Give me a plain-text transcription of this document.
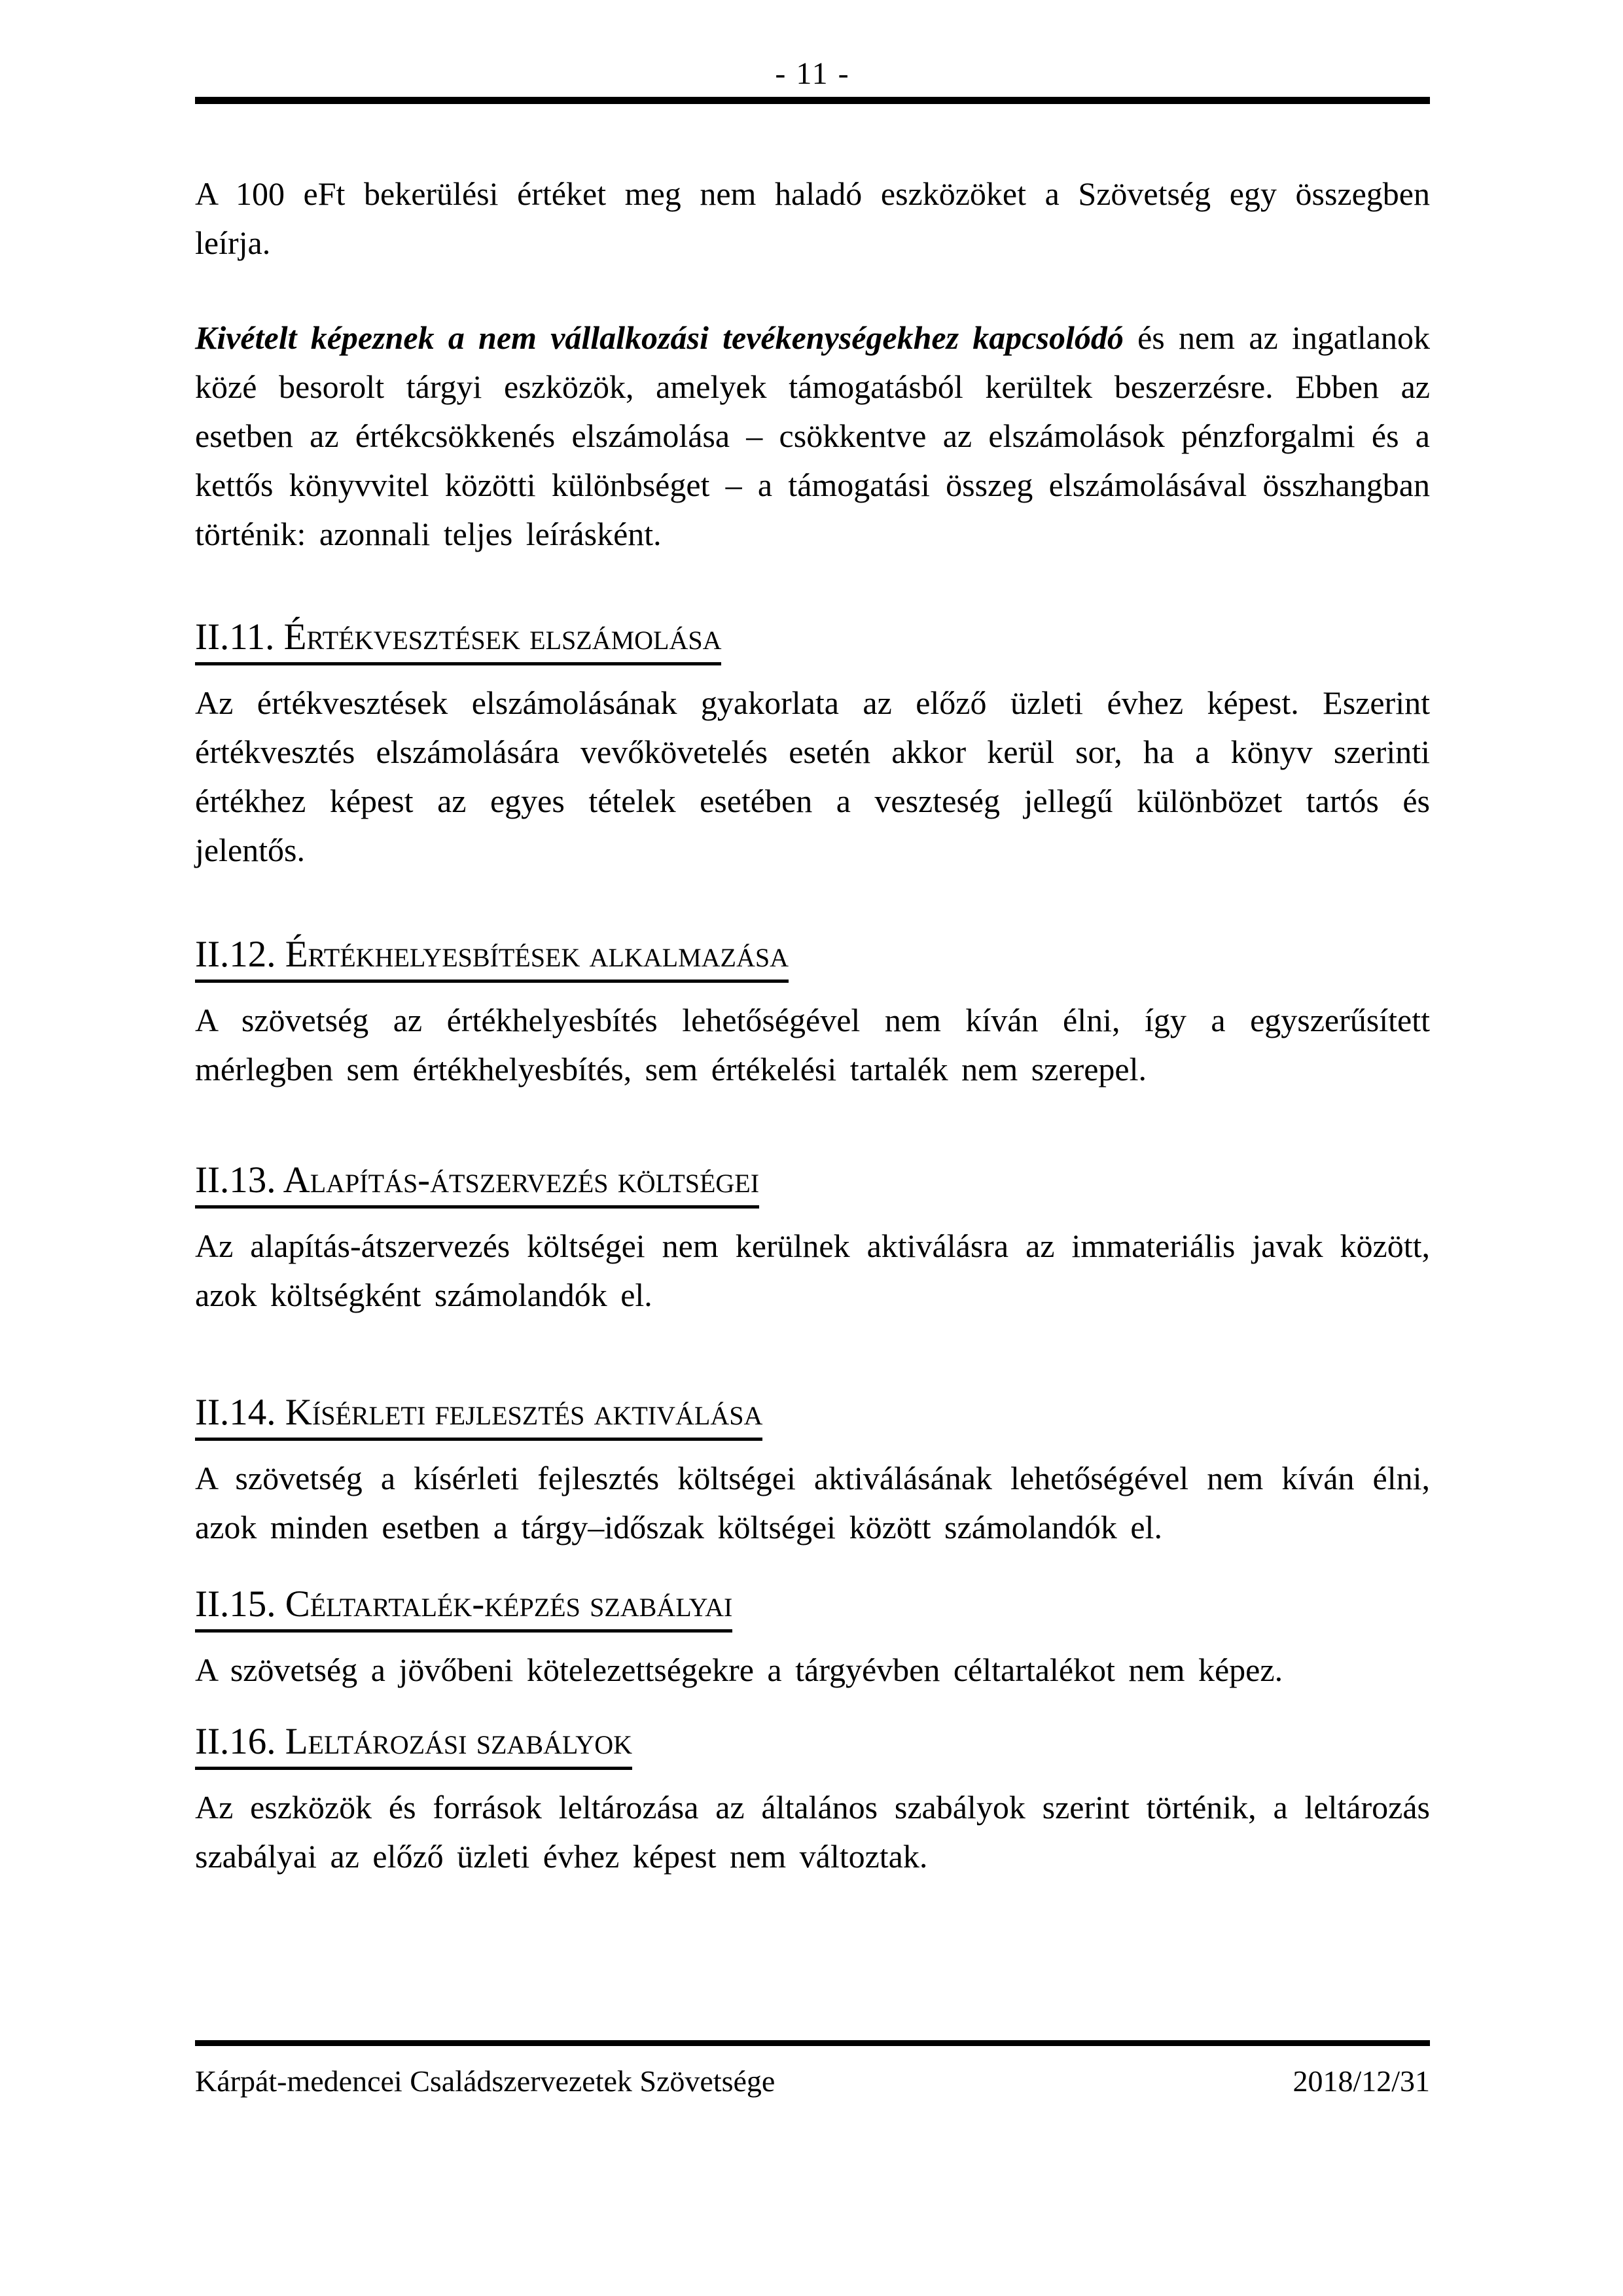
- 11 -

A 100 eFt bekerülési értéket meg nem haladó eszközöket a Szövetség egy összegben leírja.

Kivételt képeznek a nem vállalkozási tevékenységekhez kapcsolódó és nem az ingatlanok közé besorolt tárgyi eszközök, amelyek támogatásból kerültek beszerzésre. Ebben az esetben az értékcsökkenés elszámolása – csökkentve az elszámolások pénzforgalmi és a kettős könyvvitel közötti különbséget – a támogatási összeg elszámolásával összhangban történik: azonnali teljes leírásként.

II.11. Értékvesztések elszámolása

Az értékvesztések elszámolásának gyakorlata az előző üzleti évhez képest. Eszerint értékvesztés elszámolására vevőkövetelés esetén akkor kerül sor, ha a könyv szerinti értékhez képest az egyes tételek esetében a veszteség jellegű különbözet tartós és jelentős.

II.12. Értékhelyesbítések alkalmazása

A szövetség az értékhelyesbítés lehetőségével nem kíván élni, így a egyszerűsített mérlegben sem értékhelyesbítés, sem értékelési tartalék nem szerepel.

II.13. Alapítás-átszervezés költségei

Az alapítás-átszervezés költségei nem kerülnek aktiválásra az immateriális javak között, azok költségként számolandók el.

II.14. Kísérleti fejlesztés aktiválása

A szövetség a kísérleti fejlesztés költségei aktiválásának lehetőségével nem kíván élni, azok minden esetben a tárgy–időszak költségei között számolandók el.

II.15. Céltartalék-képzés szabályai

A szövetség a jövőbeni kötelezettségekre a tárgyévben céltartalékot nem képez.

II.16. Leltározási szabályok

Az eszközök és források leltározása az általános szabályok szerint történik, a leltározás szabályai az előző üzleti évhez képest nem változtak.

Kárpát-medencei Családszervezetek Szövetsége	2018/12/31
